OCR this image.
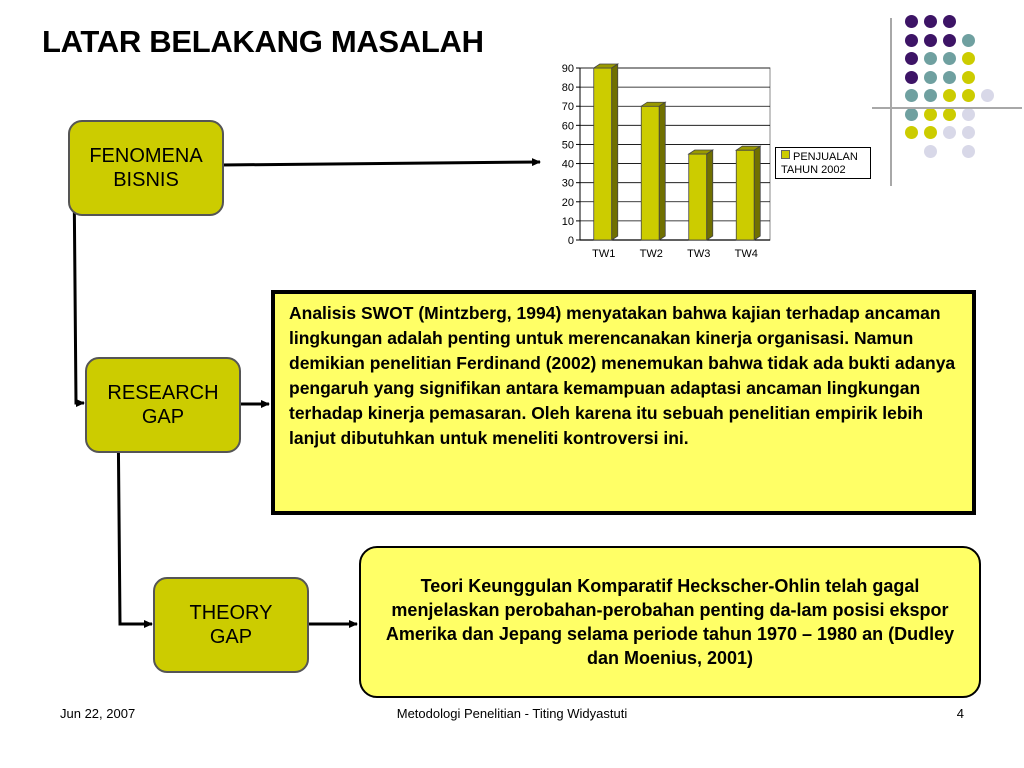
LATAR BELAKANG MASALAH
0
10
20
30
40
50
60
70
80
90
TW1 TW2 TW3 TW4
PENJUALAN TAHUN 2002
FENOMENA
BISNIS
RESEARCH
GAP
THEORY
GAP
Analisis SWOT (Mintzberg, 1994) menyatakan bahwa kajian terhadap ancaman lingkungan adalah penting untuk merencanakan kinerja organisasi. Namun demikian penelitian Ferdinand (2002) menemukan bahwa tidak ada bukti adanya pengaruh yang signifikan antara kemampuan adaptasi ancaman lingkungan terhadap kinerja pemasaran. Oleh karena itu sebuah penelitian empirik lebih lanjut dibutuhkan untuk meneliti kontroversi ini.
Teori Keunggulan Komparatif Heckscher-Ohlin telah gagal menjelaskan perobahan-perobahan penting da-lam posisi ekspor Amerika dan Jepang selama periode tahun 1970 – 1980 an (Dudley dan Moenius, 2001)
Jun 22, 2007	Metodologi Penelitian - Titing Widyastuti	4
